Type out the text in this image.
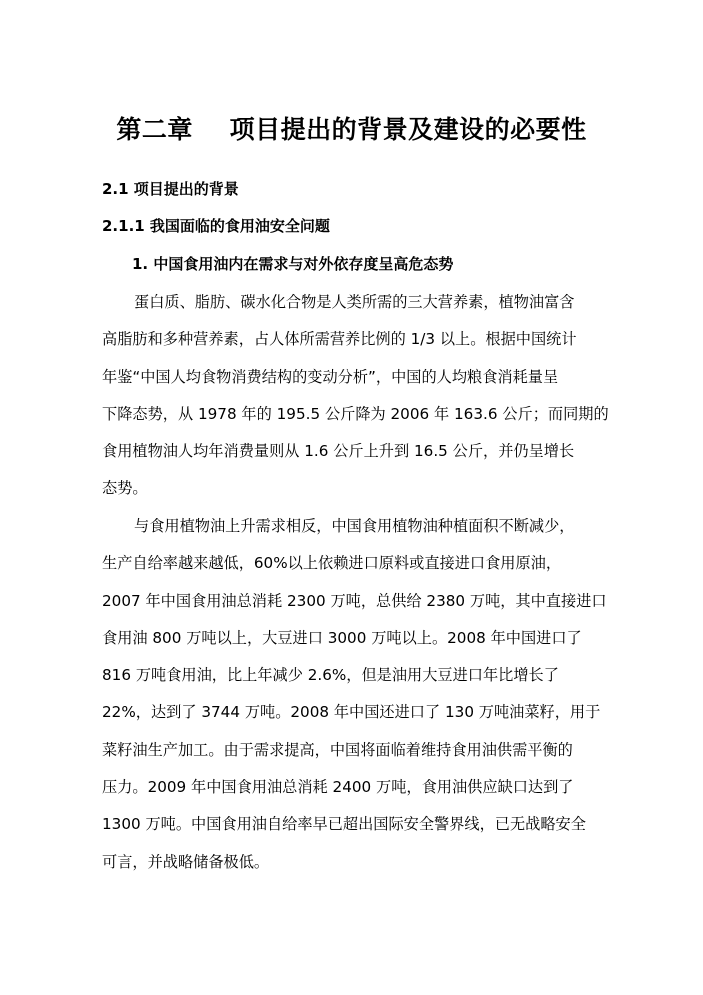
第二章    项目提出的背景及建设的必要性
2.1 项目提出的背景
2.1.1 我国面临的食用油安全问题
1. 中国食用油内在需求与对外依存度呈高危态势
蛋白质、脂肪、碳水化合物是人类所需的三大营养素，植物油富含
高脂肪和多种营养素，占人体所需营养比例的 1/3 以上。根据中国统计
年鉴“中国人均食物消费结构的变动分析”，中国的人均粮食消耗量呈
下降态势，从 1978 年的 195.5 公斤降为 2006 年 163.6 公斤；而同期的
食用植物油人均年消费量则从 1.6 公斤上升到 16.5 公斤，并仍呈增长
态势。
与食用植物油上升需求相反，中国食用植物油种植面积不断减少，
生产自给率越来越低，60%以上依赖进口原料或直接进口食用原油，
2007 年中国食用油总消耗 2300 万吨，总供给 2380 万吨，其中直接进口
食用油 800 万吨以上，大豆进口 3000 万吨以上。2008 年中国进口了
816 万吨食用油，比上年减少 2.6%，但是油用大豆进口年比增长了
22%，达到了 3744 万吨。2008 年中国还进口了 130 万吨油菜籽，用于
菜籽油生产加工。由于需求提高，中国将面临着维持食用油供需平衡的
压力。2009 年中国食用油总消耗 2400 万吨，食用油供应缺口达到了
1300 万吨。中国食用油自给率早已超出国际安全警界线，已无战略安全
可言，并战略储备极低。
